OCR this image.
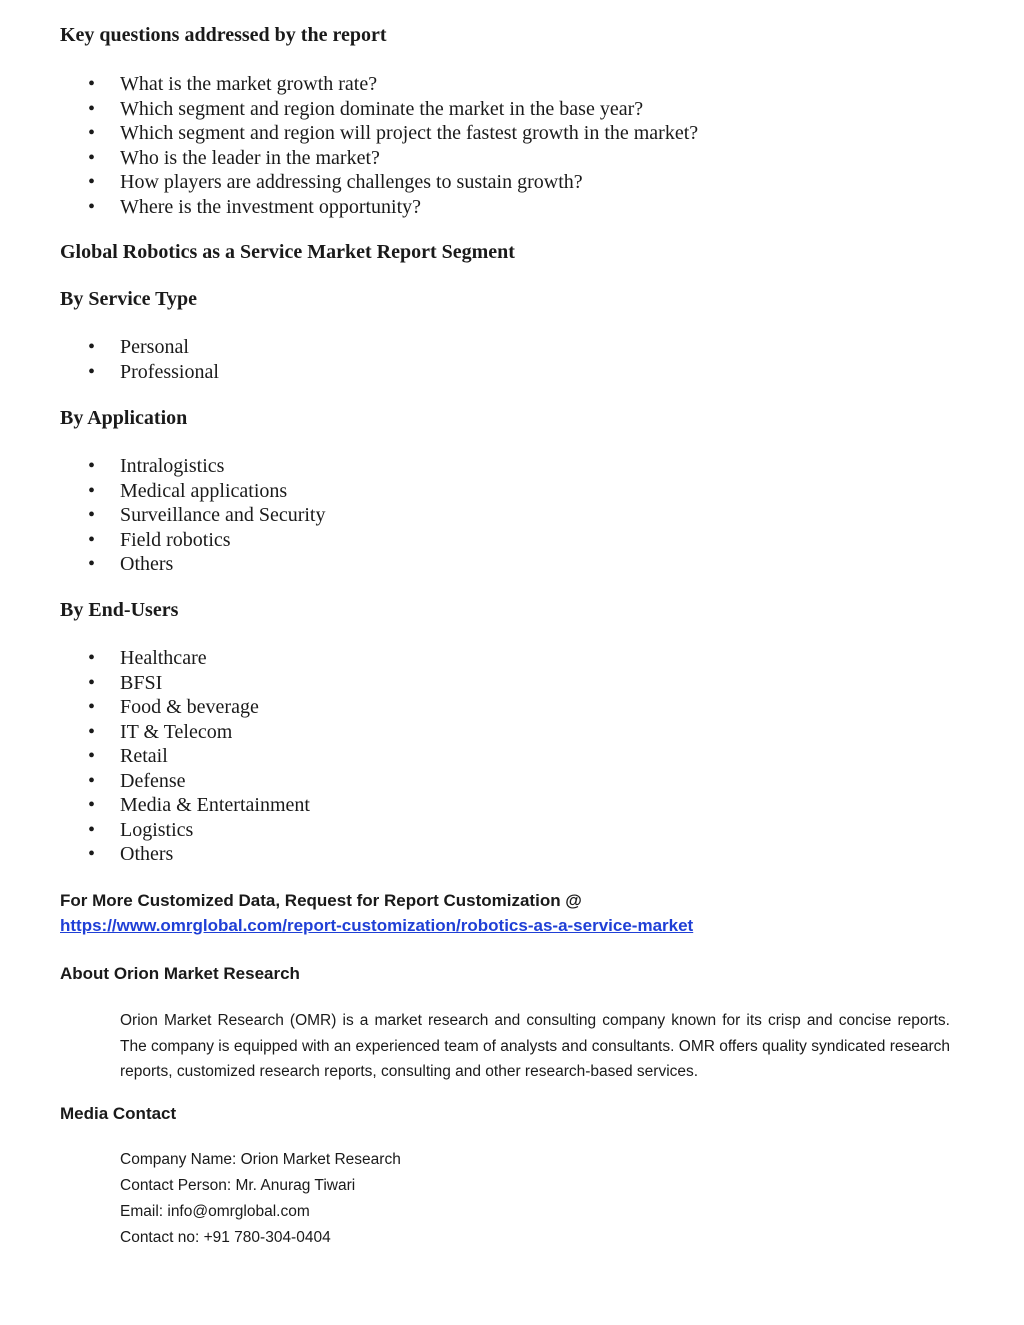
Key questions addressed by the report
• What is the market growth rate?
• Which segment and region dominate the market in the base year?
• Which segment and region will project the fastest growth in the market?
• Who is the leader in the market?
• How players are addressing challenges to sustain growth?
• Where is the investment opportunity?
Global Robotics as a Service Market Report Segment
By Service Type
• Personal
• Professional
By Application
• Intralogistics
• Medical applications
• Surveillance and Security
• Field robotics
• Others
By End-Users
• Healthcare
• BFSI
• Food & beverage
• IT & Telecom
• Retail
• Defense
• Media & Entertainment
• Logistics
• Others
For More Customized Data, Request for Report Customization @
https://www.omrglobal.com/report-customization/robotics-as-a-service-market
About Orion Market Research
Orion Market Research (OMR) is a market research and consulting company known for its crisp and concise reports. The company is equipped with an experienced team of analysts and consultants. OMR offers quality syndicated research reports, customized research reports, consulting and other research-based services.
Media Contact
Company Name: Orion Market Research
Contact Person: Mr. Anurag Tiwari
Email: info@omrglobal.com
Contact no: +91 780-304-0404
